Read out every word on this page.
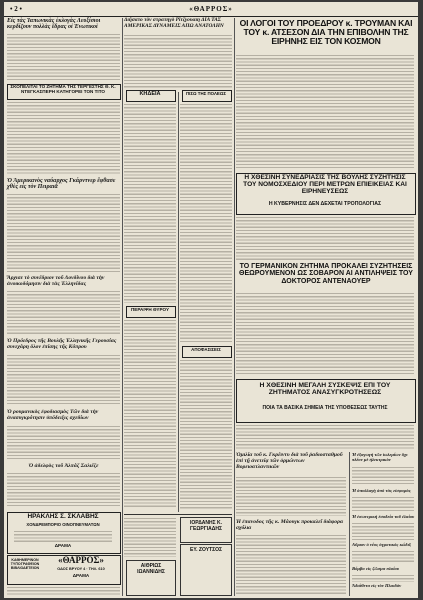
• 2 •	«ΘΑΡΡΟΣ»
Εἰς τὰς Ἰαπωνικὰς ἐκλογὰς Λευξίσιοι κερδίζουν πολλὰς ἕδρας οἱ Ἐνωτικοὶ
ΣΚΟΠΕΛΙΤΑΙ ΤΟ ΖΗΤΗΜΑ ΤΗΣ ΤΕΡΓΕΣΤΗΣ Θ. Κ. ΝΤΕΓΚΑΣΠΕΡΗ ΚΑΤΗΓΟΡΕΙ ΤΟΝ ΤΙΤΟ
Ὁ Ἀμερικανὸς ναύαρχος Γκάρντνερ ἔφθασε χθὲς εἰς τὸν Πειραιᾶ
Ἄρχισε τὸ συνέδριον τοῦ Λονδίνου διὰ τὴν ἀνοικοδόμησιν διὰ τὰς Ἑλληνίδας
Ὁ Πρόεδρος τῆς Βουλῆς Ἑλληνικῆς Γερουσίας συνεχάρη ὅλον ἐπίσης τῆς Κύπρου
Ὁ ρουμανικὸς ἐφοδιασμὸς Τῶν διὰ τὴν ἀνασυγκρότησιν ὑπόδειξις σχεδίων
Ὁ ἀδελφὸς τοῦ Ἀλπάζ Σαλιέζε
ΗΡΑΚΛΗΣ Σ. ΣΚΛΑΒΗΣ
ΧΟΝΔΡΕΜΠΟΡΙΟ ΟΙΝΟΠΝΕΥΜΑΤΩΝ
ΔΡΑΜΑ
ΚΑΘΗΜΕΡΙΝΟΝ ΤΥΠΟΓΡΑΦΕΙΟΝ ΒΙΒΛΙΟΔΕΤΕΙΟΝ
«ΘΑΡΡΟΣ»
ΟΔΟΣ ΒΡΥΟΥ 4 · ΤΗΛ. 610
ΔΡΑΜΑ
Διήσατο τὸν στρατηγὸ Ρίτζγουαιη ΔΙΑ ΤΑΣ ΑΜΕΡΙΚΑΣ ΔΥΝΑΜΕΙΣ ΑΠΩ ΑΝΑΤΟΛΗΝ
ΚΗΔΕΙΑ	ΠΙΣΩ ΤΗΣ ΠΟΛΕΩΣ
ΠΕΡΑΙΨΗ ΘΥΡΟΥ
ΑΠΟΦΑΣΙΣΕΙΣ
ΑΙΘΡΙΩΣ ΙΩΑΝΝΙΔΗΣ
ΙΟΡΔΑΝΗΣ Κ. ΓΕΩΡΓΙΑΔΗΣ
ΕΥ. ΖΟΥΤΣΟΣ
ΟΙ ΛΟΓΟΙ ΤΟΥ ΠΡΟΕΔΡΟΥ κ. ΤΡΟΥΜΑΝ ΚΑΙ ΤΟΥ κ. ΑΤΣΕΣΟΝ ΔΙΑ ΤΗΝ ΕΠΙΒΟΛΗΝ ΤΗΣ ΕΙΡΗΝΗΣ ΕΙΣ ΤΟΝ ΚΟΣΜΟΝ
Η ΧΘΕΣΙΝΗ ΣΥΝΕΔΡΙΑΣΙΣ ΤΗΣ ΒΟΥΛΗΣ ΣΥΖΗΤΗΣΙΣ ΤΟΥ ΝΟΜΟΣΧΕΔΙΟΥ ΠΕΡΙ ΜΕΤΡΩΝ ΕΠΙΕΙΚΕΙΑΣ ΚΑΙ ΕΙΡΗΝΕΥΣΕΩΣ
Η ΚΥΒΕΡΝΗΣΙΣ ΔΕΝ ΔΕΧΕΤΑΙ ΤΡΟΠΟΛΟΓΙΑΣ
ΤΟ ΓΕΡΜΑΝΙΚΟΝ ΖΗΤΗΜΑ ΠΡΟΚΑΛΕΙ ΣΥΖΗΤΗΣΕΙΣ ΘΕΩΡΟΥΜΕΝΟΝ ΩΣ ΣΟΒΑΡΟΝ ΑΙ ΑΝΤΙΛΗΨΕΙΣ ΤΟΥ ΔΟΚΤΟΡΟΣ ΑΝΤΕΝΑΟΥΕΡ
Η ΧΘΕΣΙΝΗ ΜΕΓΑΛΗ ΣΥΣΚΕΨΙΣ ΕΠΙ ΤΟΥ ΖΗΤΗΜΑΤΟΣ ΑΝΑΣΥΓΚΡΟΤΗΣΕΩΣ
ΠΟΙΑ ΤΑ ΒΑΣΙΚΑ ΣΗΜΕΙΑ ΤΗΣ ΥΠΟΘΕΣΕΩΣ ΤΑΥΤΗΣ
Ὁμιλία τοῦ κ. Γκρέιντυ διὰ τοῦ ῥαδιοσταθμοῦ ἐπὶ τῇ ἀνετείᾳ τῶν ὁρμώντων Βορειοατλαντικῶν
Ἡ ἐπανοδος τῆς κ. Μάουγκ προκαλεῖ διάφορα σχόλια
Ἡ ἐξαγωγὴ τῶν ἰωλεμίων ὄχι πλέον μὲ ἠλεκτρικὸν
Ἡ ἀπαλλαγὴ ἀπὸ τὰς εἰσφορὰς
Ἡ ἐσωτερικὴ ἐσοδεία τοῦ ἐλαίου
Αὔριον ὁ νέος ἀγροτικὸς κώδιξ
Βόμβα εἰς ζῶσμα πλοίου
Ἀδιάθετα εἰς τὸν Πλαιδὸν
